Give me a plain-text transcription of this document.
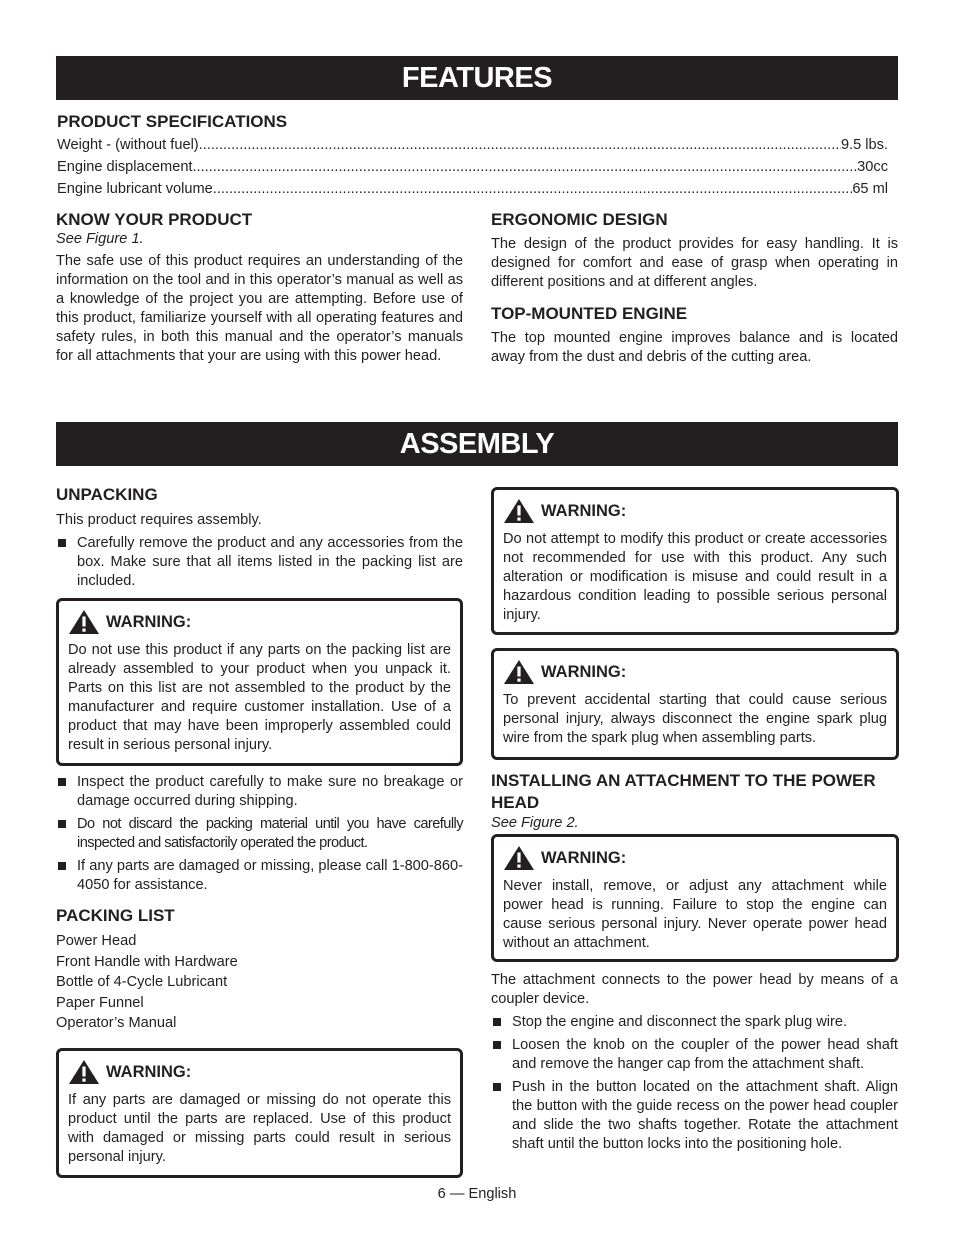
FEATURES
PRODUCT SPECIFICATIONS
Weight - (without fuel) .....	9.5 lbs.
Engine displacement .....	30cc
Engine lubricant volume .....	65 ml
KNOW YOUR PRODUCT
See Figure 1.
The safe use of this product requires an understanding of the information on the tool and in this operator’s manual as well as a knowledge of the project you are attempting. Before use of this product, familiarize yourself with all operating features and safety rules, in both this manual and the operator’s manuals for all attachments that your are using with this power head.
ERGONOMIC DESIGN
The design of the product provides for easy handling. It is designed for comfort and ease of grasp when operating in different positions and at different angles.
TOP-MOUNTED ENGINE
The top mounted engine improves balance and is located away from the dust and debris of the cutting area.
ASSEMBLY
UNPACKING
This product requires assembly.
Carefully remove the product and any accessories from the box. Make sure that all items listed in the packing list are included.
WARNING:
Do not use this product if any parts on the packing list are already assembled to your product when you unpack it. Parts on this list are not assembled to the product by the manufacturer and require customer installation. Use of a product that may have been improperly assembled could result in serious personal injury.
Inspect the product carefully to make sure no breakage or damage occurred during shipping.
Do not discard the packing material until you have carefully inspected and satisfactorily operated the product.
If any parts are damaged or missing, please call 1-800-860-4050 for assistance.
PACKING LIST
Power Head
Front Handle with Hardware
Bottle of 4-Cycle Lubricant
Paper Funnel
Operator’s Manual
WARNING:
If any parts are damaged or missing do not operate this product until the parts are replaced. Use of this product with damaged or missing parts could result in serious personal injury.
WARNING:
Do not attempt to modify this product or create accessories not recommended for use with this product. Any such alteration or modification is misuse and could result in a hazardous condition leading to possible serious personal injury.
WARNING:
To prevent accidental starting that could cause serious personal injury, always disconnect the engine spark plug wire from the spark plug when assembling parts.
INSTALLING AN ATTACHMENT TO THE POWER HEAD
See Figure 2.
WARNING:
Never install, remove, or adjust any attachment while power head is running. Failure to stop the engine can cause serious personal injury. Never operate power head without an attachment.
The attachment connects to the power head by means of a coupler device.
Stop the engine and disconnect the spark plug wire.
Loosen the knob on the coupler of the power head shaft and remove the hanger cap from the attachment shaft.
Push in the button located on the attachment shaft. Align the button with the guide recess on the power head coupler and slide the two shafts together. Rotate the attachment shaft until the button locks into the positioning hole.
6 — English
